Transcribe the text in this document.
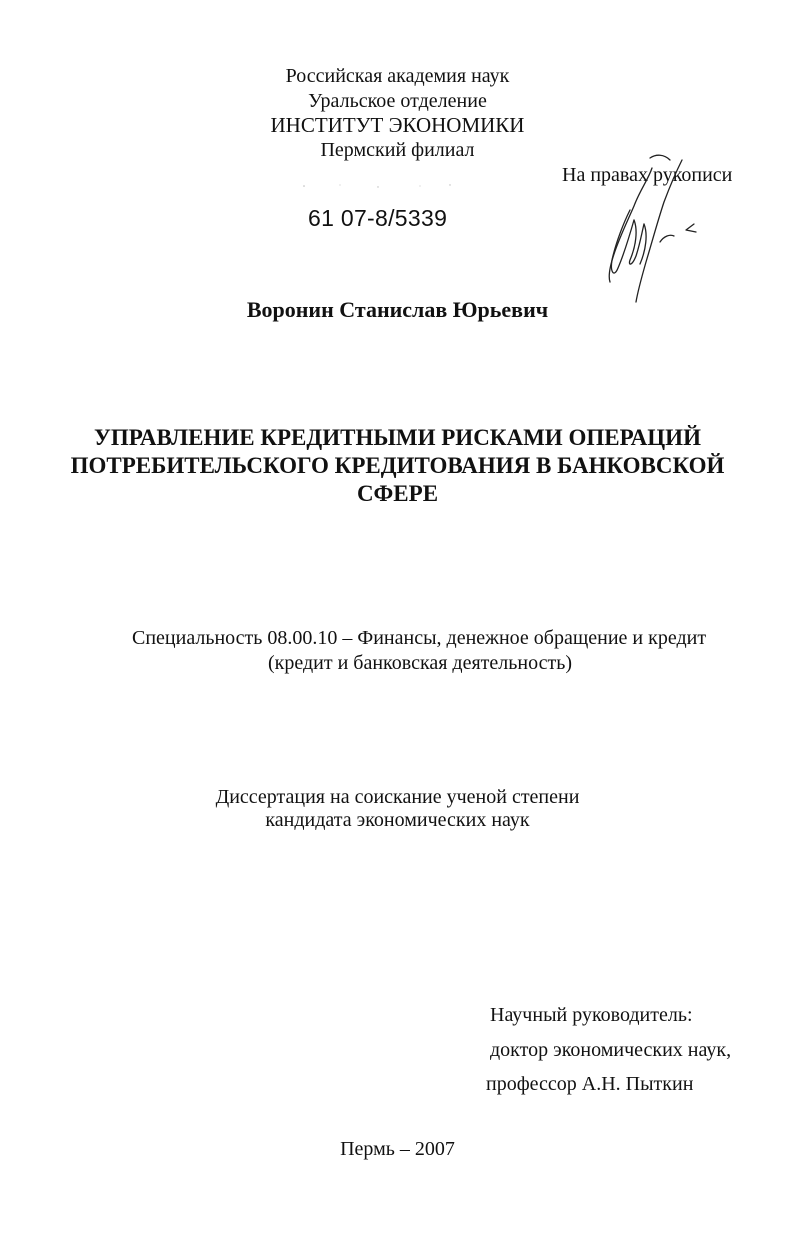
Российская академия наук
Уральское отделение
ИНСТИТУТ ЭКОНОМИКИ
Пермский филиал
На правах рукописи
61 07-8/5339
Воронин Станислав Юрьевич
УПРАВЛЕНИЕ КРЕДИТНЫМИ РИСКАМИ ОПЕРАЦИЙ
ПОТРЕБИТЕЛЬСКОГО КРЕДИТОВАНИЯ В БАНКОВСКОЙ
СФЕРЕ
Специальность 08.00.10 – Финансы, денежное обращение и кредит
(кредит и банковская деятельность)
Диссертация на соискание ученой степени
кандидата экономических наук
Научный руководитель:
доктор экономических наук,
профессор А.Н. Пыткин
Пермь – 2007
